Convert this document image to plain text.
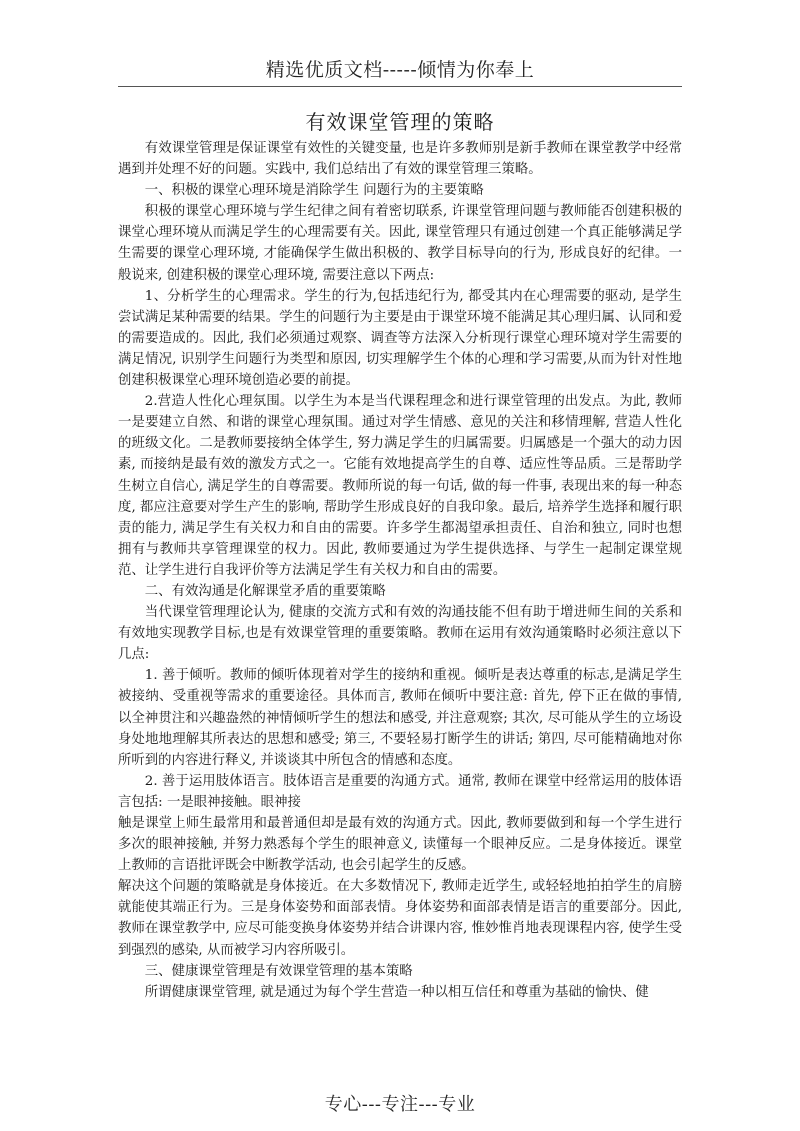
精选优质文档-----倾情为你奉上
有效课堂管理的策略

有效课堂管理是保证课堂有效性的关键变量, 也是许多教师别是新手教师在课堂教学中经常遇到并处理不好的问题。实践中, 我们总结出了有效的课堂管理三策略。

一、积极的课堂心理环境是消除学生 问题行为的主要策略

积极的课堂心理环境与学生纪律之间有着密切联系, 许课堂管理问题与教师能否创建积极的课堂心理环境从而满足学生的心理需要有关。因此, 课堂管理只有通过创建一个真正能够满足学生需要的课堂心理环境, 才能确保学生做出积极的、教学目标导向的行为, 形成良好的纪律。一般说来, 创建积极的课堂心理环境, 需要注意以下两点:

1、分析学生的心理需求。学生的行为,包括违纪行为, 都受其内在心理需要的驱动, 是学生尝试满足某种需要的结果。学生的问题行为主要是由于课堂环境不能满足其心理归属、认同和爱的需要造成的。因此, 我们必须通过观察、调查等方法深入分析现行课堂心理环境对学生需要的满足情况, 识别学生问题行为类型和原因, 切实理解学生个体的心理和学习需要,从而为针对性地创建积极课堂心理环境创造必要的前提。

2.营造人性化心理氛围。以学生为本是当代课程理念和进行课堂管理的出发点。为此, 教师一是要建立自然、和谐的课堂心理氛围。通过对学生情感、意见的关注和移情理解, 营造人性化的班级文化。二是教师要接纳全体学生, 努力满足学生的归属需要。归属感是一个强大的动力因素, 而接纳是最有效的激发方式之一。它能有效地提高学生的自尊、适应性等品质。三是帮助学生树立自信心, 满足学生的自尊需要。教师所说的每一句话, 做的每一件事, 表现出来的每一种态度, 都应注意要对学生产生的影响, 帮助学生形成良好的自我印象。最后, 培养学生选择和履行职责的能力, 满足学生有关权力和自由的需要。许多学生都渴望承担责任、自治和独立, 同时也想拥有与教师共享管理课堂的权力。因此, 教师要通过为学生提供选择、与学生一起制定课堂规范、让学生进行自我评价等方法满足学生有关权力和自由的需要。

二、有效沟通是化解课堂矛盾的重要策略

当代课堂管理理论认为, 健康的交流方式和有效的沟通技能不但有助于增进师生间的关系和有效地实现教学目标,也是有效课堂管理的重要策略。教师在运用有效沟通策略时必须注意以下几点:

1. 善于倾听。教师的倾听体现着对学生的接纳和重视。倾听是表达尊重的标志,是满足学生被接纳、受重视等需求的重要途径。具体而言, 教师在倾听中要注意: 首先, 停下正在做的事情, 以全神贯注和兴趣盎然的神情倾听学生的想法和感受, 并注意观察; 其次, 尽可能从学生的立场设身处地地理解其所表达的思想和感受; 第三, 不要轻易打断学生的讲话; 第四, 尽可能精确地对你所听到的内容进行释义, 并谈谈其中所包含的情感和态度。

2. 善于运用肢体语言。肢体语言是重要的沟通方式。通常, 教师在课堂中经常运用的肢体语言包括: 一是眼神接触。眼神接

触是课堂上师生最常用和最普通但却是最有效的沟通方式。因此, 教师要做到和每一个学生进行多次的眼神接触, 并努力熟悉每个学生的眼神意义, 读懂每一个眼神反应。二是身体接近。课堂上教师的言语批评既会中断教学活动, 也会引起学生的反感。

解决这个问题的策略就是身体接近。在大多数情况下, 教师走近学生, 或轻轻地拍拍学生的肩膀就能使其端正行为。三是身体姿势和面部表情。身体姿势和面部表情是语言的重要部分。因此, 教师在课堂教学中, 应尽可能变换身体姿势并结合讲课内容, 惟妙惟肖地表现课程内容, 使学生受到强烈的感染, 从而被学习内容所吸引。

三、健康课堂管理是有效课堂管理的基本策略

所谓健康课堂管理, 就是通过为每个学生营造一种以相互信任和尊重为基础的愉快、健

专心---专注---专业
